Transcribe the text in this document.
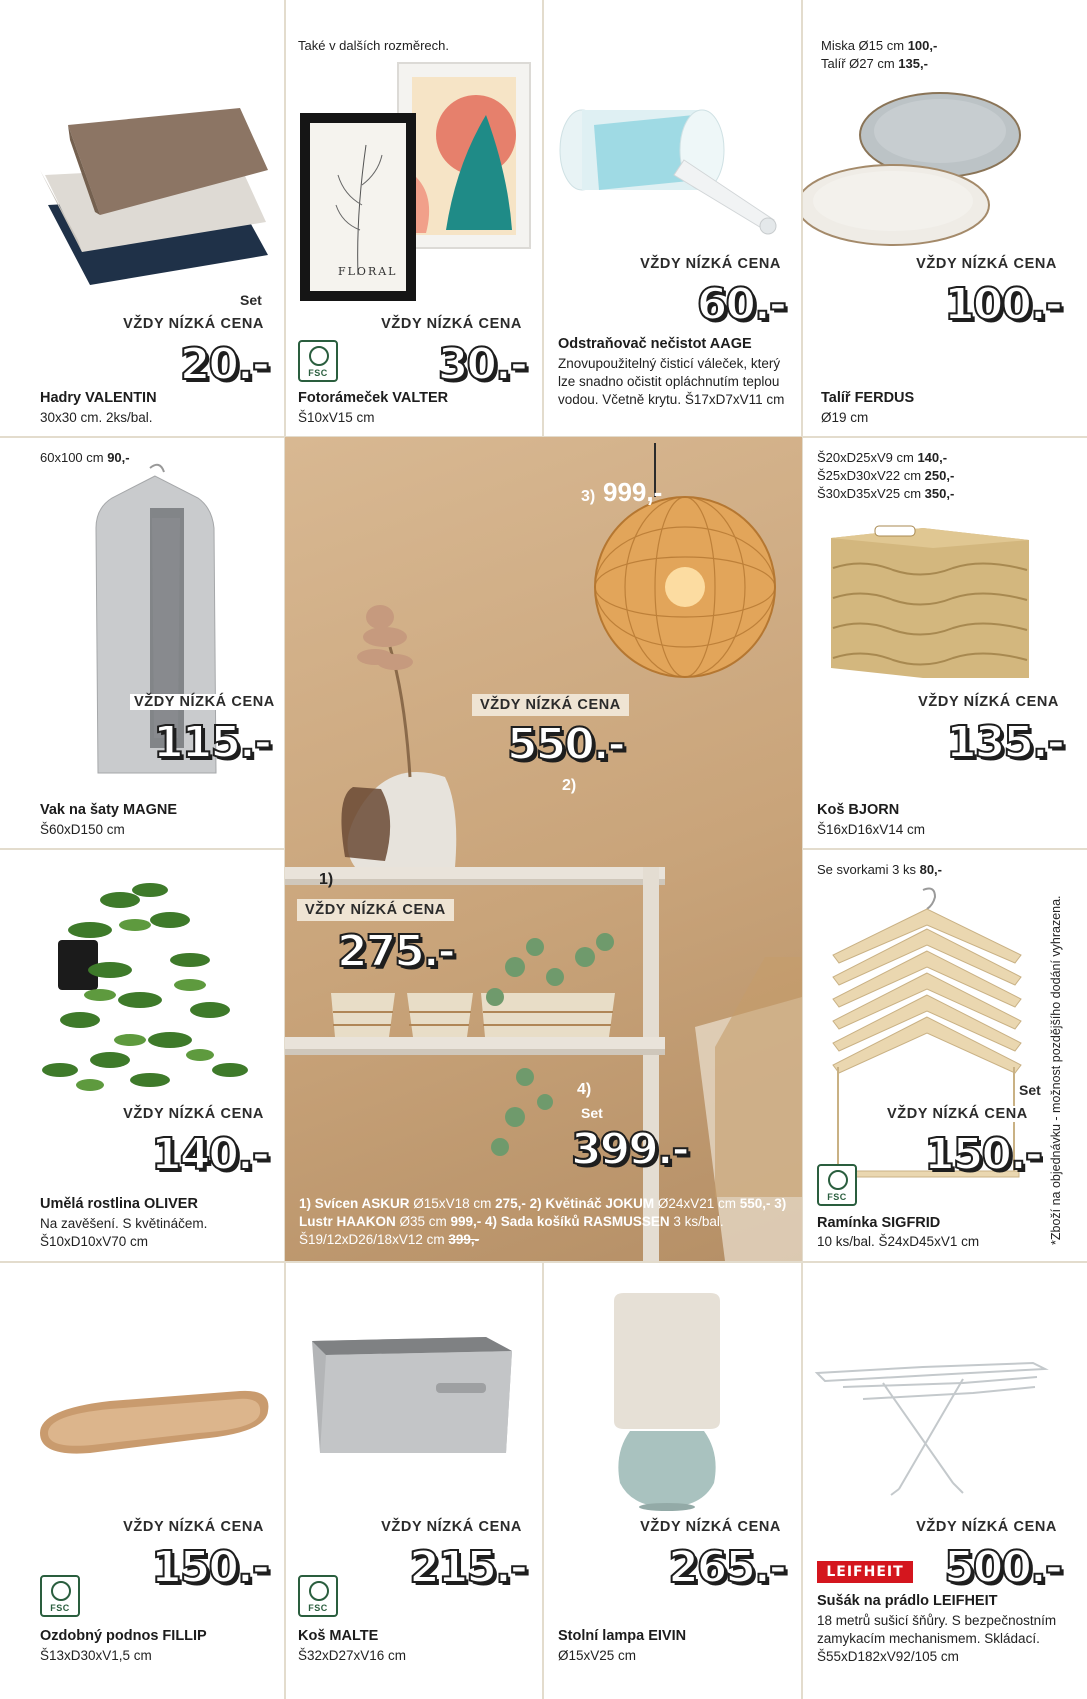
Set
VŽDY NÍZKÁ CENA
20.-
Hadry VALENTIN
30x30 cm. 2ks/bal.
Také v dalších rozměrech.
FLORAL
FSC
VŽDY NÍZKÁ CENA
30.-
Fotorámeček VALTER
Š10xV15 cm
VŽDY NÍZKÁ CENA
60.-
Odstraňovač nečistot AAGE
Znovupoužitelný čisticí váleček, který lze snadno očistit opláchnutím teplou vodou. Včetně krytu. Š17xD7xV11 cm
Miska Ø15 cm 100,-
Talíř Ø27 cm 135,-
VŽDY NÍZKÁ CENA
100.-
Talíř FERDUS
Ø19 cm
60x100 cm 90,-
VŽDY NÍZKÁ CENA
115.-
Vak na šaty MAGNE
Š60xD150 cm
Š20xD25xV9 cm 140,-
Š25xD30xV22 cm 250,-
Š30xD35xV25 cm 350,-
VŽDY NÍZKÁ CENA
135.-
Koš BJORN
Š16xD16xV14 cm
VŽDY NÍZKÁ CENA
140.-
Umělá rostlina OLIVER
Na zavěšení. S květináčem.
Š10xD10xV70 cm
Se svorkami 3 ks 80,-
Set
VŽDY NÍZKÁ CENA
150.-
FSC
Ramínka SIGFRID
10 ks/bal. Š24xD45xV1 cm	*Zboží na objednávku - možnost pozdějšího dodání vyhrazena.
3) 999,-
VŽDY NÍZKÁ CENA
550.-
2)
1)
VŽDY NÍZKÁ CENA
275.-
4)
Set
399.-
1) Svícen ASKUR Ø15xV18 cm 275,- 2) Květináč JOKUM Ø24xV21 cm 550,- 3) Lustr HAAKON Ø35 cm 999,- 4) Sada košíků RASMUSSEN 3 ks/bal. Š19/12xD26/18xV12 cm 399,-
VŽDY NÍZKÁ CENA
150.-
FSC
Ozdobný podnos FILLIP
Š13xD30xV1,5 cm
VŽDY NÍZKÁ CENA
215.-
FSC
Koš MALTE
Š32xD27xV16 cm
VŽDY NÍZKÁ CENA
265.-
Stolní lampa EIVIN
Ø15xV25 cm
VŽDY NÍZKÁ CENA
500.-
LEIFHEIT
Sušák na prádlo LEIFHEIT
18 metrů sušicí šňůry. S bezpečnostním zamykacím mechanismem. Skládací. Š55xD182xV92/105 cm
